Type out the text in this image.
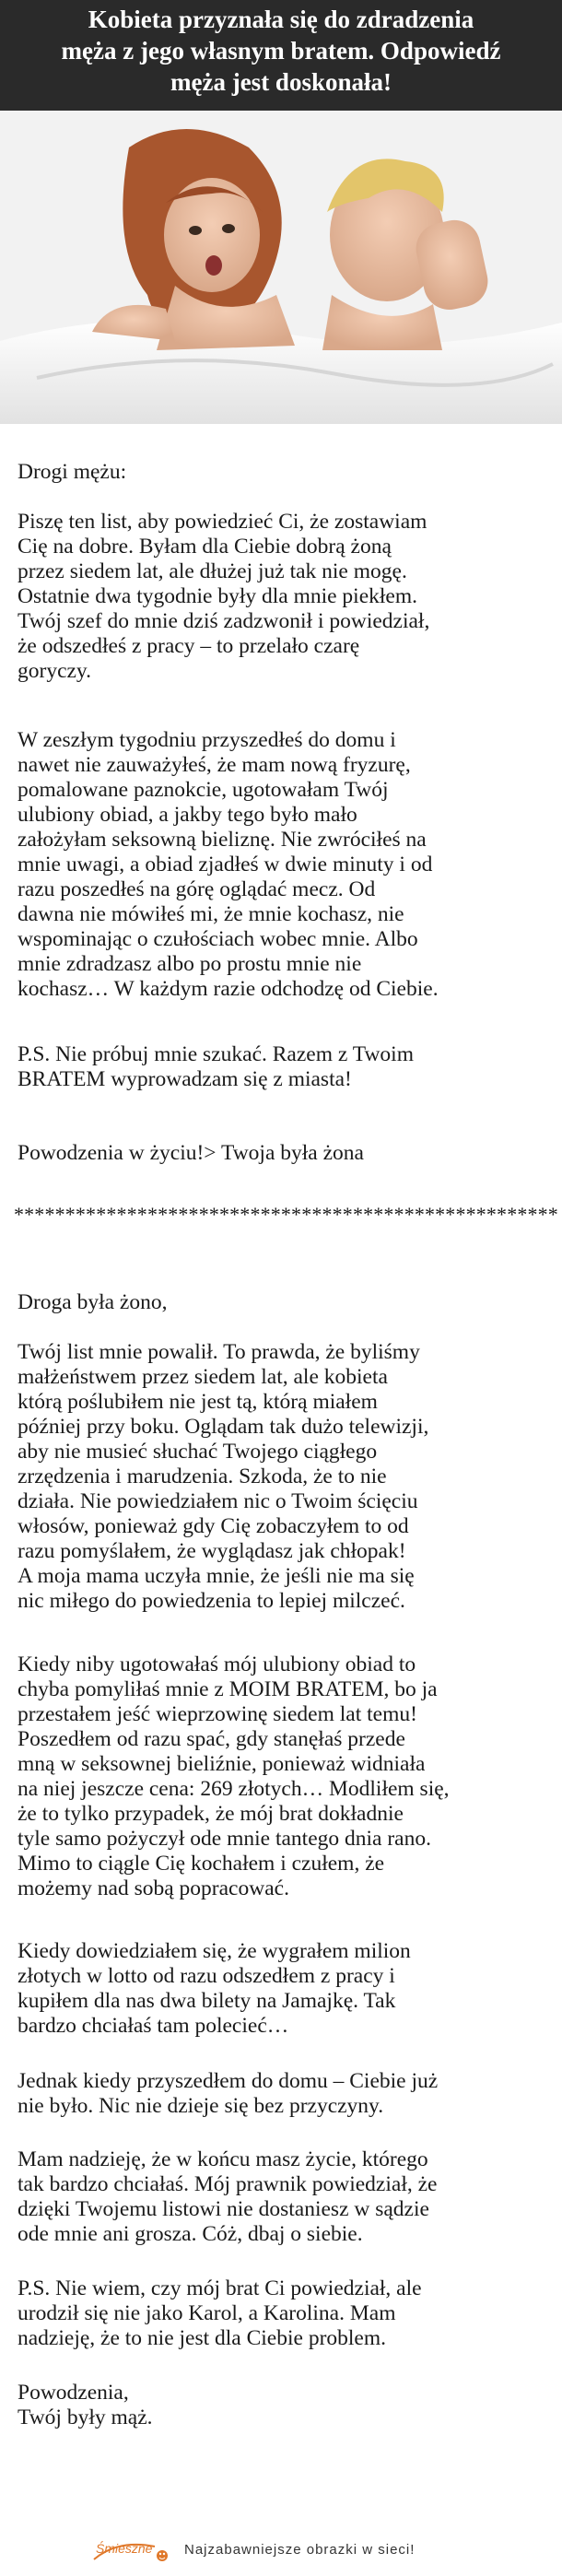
Kobieta przyznała się do zdradzenia
męża z jego własnym bratem. Odpowiedź
męża jest doskonała!
Drogi mężu:

Piszę ten list, aby powiedzieć Ci, że zostawiam

Cię na dobre. Byłam dla Ciebie dobrą żoną

przez siedem lat, ale dłużej już tak nie mogę.

Ostatnie dwa tygodnie były dla mnie piekłem.

Twój szef do mnie dziś zadzwonił i powiedział,

że odszedłeś z pracy – to przelało czarę

goryczy.

W zeszłym tygodniu przyszedłeś do domu i

nawet nie zauważyłeś, że mam nową fryzurę,

pomalowane paznokcie, ugotowałam Twój

ulubiony obiad, a jakby tego było mało

założyłam seksowną bieliznę. Nie zwróciłeś na

mnie uwagi, a obiad zjadłeś w dwie minuty i od

razu poszedłeś na górę oglądać mecz. Od

dawna nie mówiłeś mi, że mnie kochasz, nie

wspominając o czułościach wobec mnie. Albo

mnie zdradzasz albo po prostu mnie nie

kochasz… W każdym razie odchodzę od Ciebie.

P.S. Nie próbuj mnie szukać. Razem z Twoim

BRATEM wyprowadzam się z miasta!

Powodzenia w życiu!> Twoja była żona
*****************************************************
Droga była żono,

Twój list mnie powalił. To prawda, że byliśmy

małżeństwem przez siedem lat, ale kobieta

którą poślubiłem nie jest tą, którą miałem

później przy boku. Oglądam tak dużo telewizji,

aby nie musieć słuchać Twojego ciągłego

zrzędzenia i marudzenia. Szkoda, że to nie

działa. Nie powiedziałem nic o Twoim ścięciu

włosów, ponieważ gdy Cię zobaczyłem to od

razu pomyślałem, że wyglądasz jak chłopak!

A moja mama uczyła mnie, że jeśli nie ma się

nic miłego do powiedzenia to lepiej milczeć.

Kiedy niby ugotowałaś mój ulubiony obiad to

chyba pomyliłaś mnie z MOIM BRATEM, bo ja

przestałem jeść wieprzowinę siedem lat temu!

Poszedłem od razu spać, gdy stanęłaś przede

mną w seksownej bieliźnie, ponieważ widniała

na niej jeszcze cena: 269 złotych… Modliłem się,

że to tylko przypadek, że mój brat dokładnie

tyle samo pożyczył ode mnie tantego dnia rano.

Mimo to ciągle Cię kochałem i czułem, że

możemy nad sobą popracować.

Kiedy dowiedziałem się, że wygrałem milion

złotych w lotto od razu odszedłem z pracy i

kupiłem dla nas dwa bilety na Jamajkę. Tak

bardzo chciałaś tam polecieć…

Jednak kiedy przyszedłem do domu – Ciebie już

nie było. Nic nie dzieje się bez przyczyny.

Mam nadzieję, że w końcu masz życie, którego

tak bardzo chciałaś. Mój prawnik powiedział, że

dzięki Twojemu listowi nie dostaniesz w sądzie

ode mnie ani grosza. Cóż, dbaj o siebie.

P.S. Nie wiem, czy mój brat Ci powiedział, ale

urodził się nie jako Karol, a Karolina. Mam

nadzieję, że to nie jest dla Ciebie problem.

Powodzenia,

Twój były mąż.

Śmieszne Najzabawniejsze obrazki w sieci!
